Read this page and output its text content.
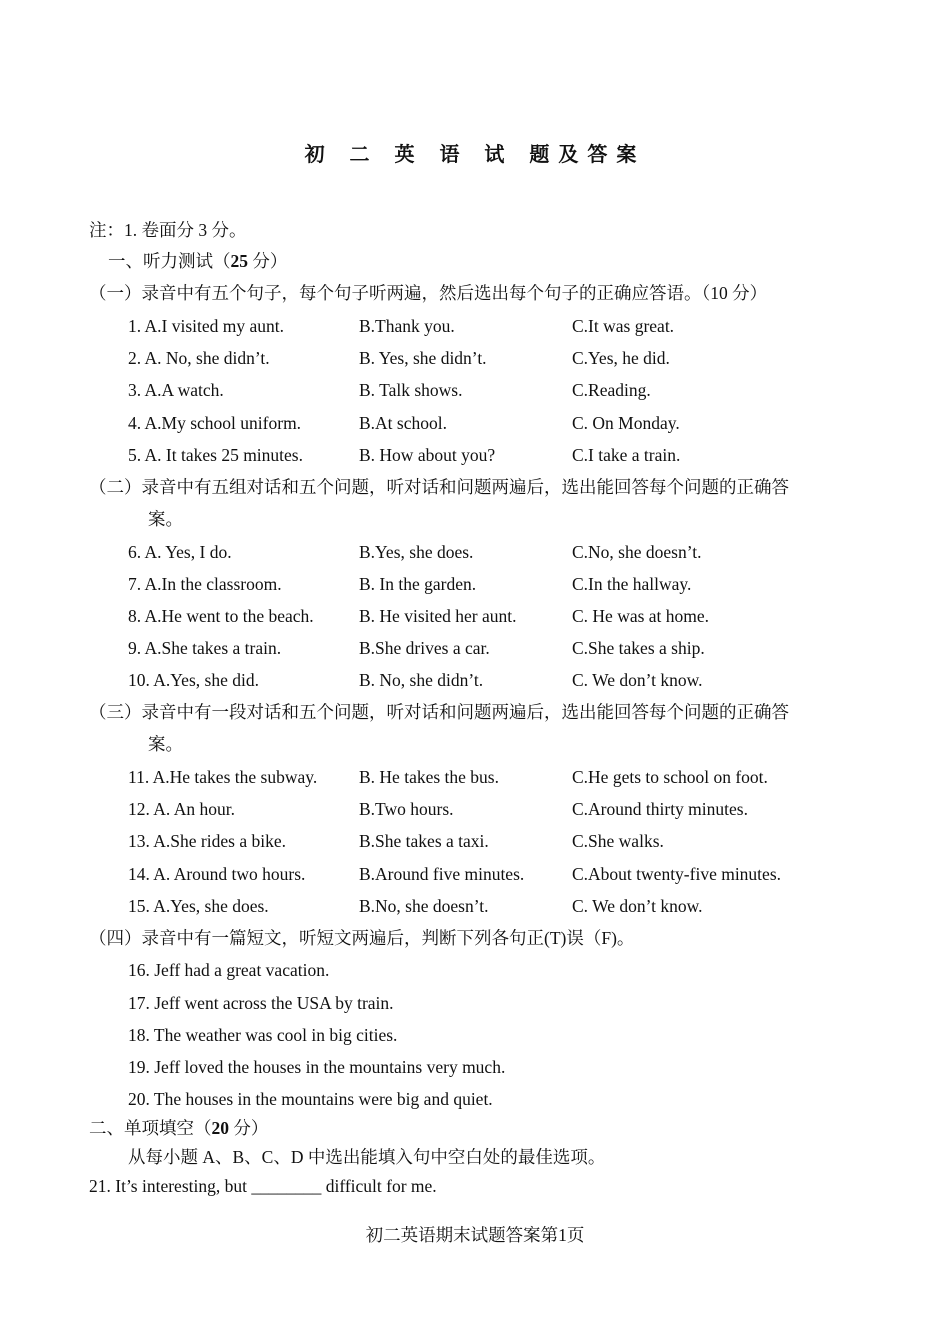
初 二 英 语 试 题及答案
注：1. 卷面分 3 分。
一、听力测试（25 分）
（一）录音中有五个句子，每个句子听两遍，然后选出每个句子的正确应答语。（10 分）
1. A.I visited my aunt.	B.Thank you.	C.It was great.
2. A. No, she didn’t.	B. Yes, she didn’t.	C.Yes, he did.
3. A.A watch.	B. Talk shows.	C.Reading.
4. A.My school uniform.	B.At school.	C. On Monday.
5. A. It takes 25 minutes.	B. How about you?	C.I take a train.
（二）录音中有五组对话和五个问题，听对话和问题两遍后，选出能回答每个问题的正确答
案。
6. A. Yes, I do.	B.Yes, she does.	C.No, she doesn’t.
7. A.In the classroom.	B. In the garden.	C.In the hallway.
8. A.He went to the beach.	B. He visited her aunt.	C. He was at home.
9. A.She takes a train.	B.She drives a car.	C.She takes a ship.
10. A.Yes, she did.	B. No, she didn’t.	C. We don’t know.
（三）录音中有一段对话和五个问题，听对话和问题两遍后，选出能回答每个问题的正确答
案。
11. A.He takes the subway. B. He takes the bus.	C.He gets to school on foot.
12. A. An hour.	B.Two hours.	C.Around thirty minutes.
13. A.She rides a bike.	B.She takes a taxi.	C.She walks.
14. A. Around two hours.	B.Around five minutes.	C.About twenty-five minutes.
15. A.Yes, she does.	B.No, she doesn’t.	C. We don’t know.
（四）录音中有一篇短文，听短文两遍后，判断下列各句正(T)误（F)。
16. Jeff had a great vacation.
17. Jeff went across the USA by train.
18. The weather was cool in big cities.
19. Jeff loved the houses in the mountains very much.
20. The houses in the mountains were big and quiet.
二、单项填空（20 分）
从每小题 A、B、C、D 中选出能填入句中空白处的最佳选项。
21. It’s interesting, but ________ difficult for me.
初二英语期末试题答案第1页
